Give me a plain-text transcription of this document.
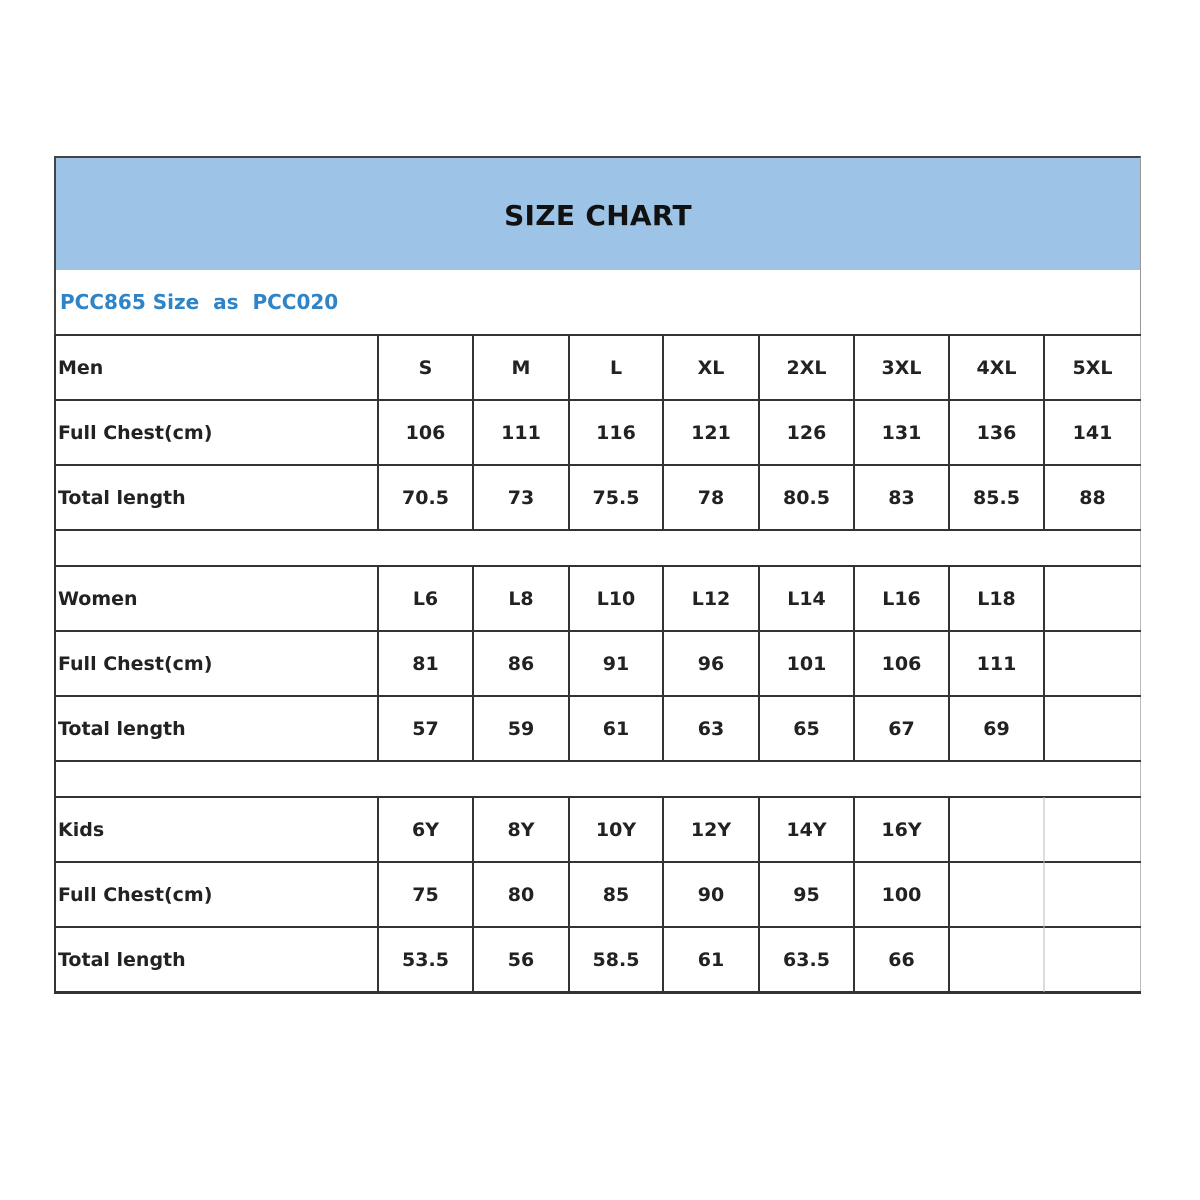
SIZE CHART
PCC865 Size  as  PCC020
Men	S	M	L	XL	2XL	3XL	4XL	5XL
Full Chest(cm)	106	111	116	121	126	131	136	141
Total length	70.5	73	75.5	78	80.5	83	85.5	88
Women	L6	L8	L10	L12	L14	L16	L18
Full Chest(cm)	81	86	91	96	101	106	111
Total length	57	59	61	63	65	67	69
Kids	6Y	8Y	10Y	12Y	14Y	16Y
Full Chest(cm)	75	80	85	90	95	100
Total length	53.5	56	58.5	61	63.5	66
